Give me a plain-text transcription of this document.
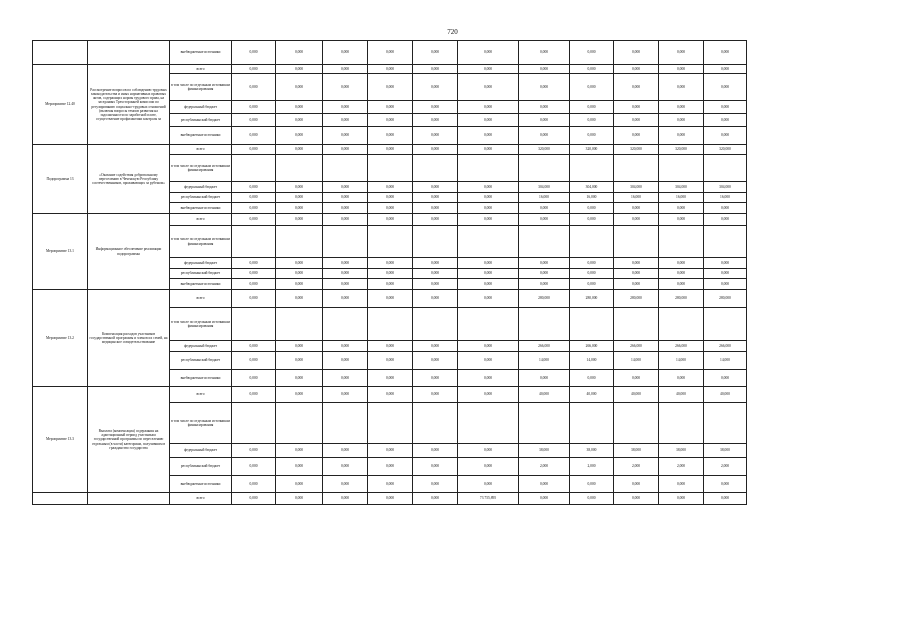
720
		внебюджетные источники	0,000	0,000	0,000	0,000	0,000	0,000	0,000	0,000	0,000	0,000	0,000
Мероприятие 12.40	Рассмотрение вопросов по соблюдению трудовых законодательства и иных нормативных правовых актов, содержащих нормы трудового права, на заседаниях Трехсторонней комиссии по регулированию социально-трудовых отношений (включая вопросы темпов развития на задолженности по заработной плате, осуществление профилактики контроля за	всего	0,000	0,000	0,000	0,000	0,000	0,000	0,000	0,000	0,000	0,000	0,000
		в том числе по отдельным источникам финансирования	0,000	0,000	0,000	0,000	0,000	0,000	0,000	0,000	0,000	0,000	0,000
		федеральный бюджет	0,000	0,000	0,000	0,000	0,000	0,000	0,000	0,000	0,000	0,000	0,000
		республиканский бюджет	0,000	0,000	0,000	0,000	0,000	0,000	0,000	0,000	0,000	0,000	0,000
		внебюджетные источники	0,000	0,000	0,000	0,000	0,000	0,000	0,000	0,000	0,000	0,000	0,000
Подпрограмма 13	«Оказание содействия добровольному переселению в Чеченскую Республику соотечественников, проживающих за рубежом»	всего	0,000	0,000	0,000	0,000	0,000	0,000	320,000	320,000	320,000	320,000	320,000
		в том числе по отдельным источникам финансирования											
		федеральный бюджет	0,000	0,000	0,000	0,000	0,000	0,000	304,000	304,000	304,000	304,000	304,000
		республиканский бюджет	0,000	0,000	0,000	0,000	0,000	0,000	16,000	16,000	16,000	16,000	16,000
		внебюджетные источники	0,000	0,000	0,000	0,000	0,000	0,000	0,000	0,000	0,000	0,000	0,000
Мероприятие 13.1	Информационное обеспечение реализации подпрограммы	всего	0,000	0,000	0,000	0,000	0,000	0,000	0,000	0,000	0,000	0,000	0,000
		в том числе по отдельным источникам финансирования											
		федеральный бюджет	0,000	0,000	0,000	0,000	0,000	0,000	0,000	0,000	0,000	0,000	0,000
		республиканский бюджет	0,000	0,000	0,000	0,000	0,000	0,000	0,000	0,000	0,000	0,000	0,000
		внебюджетные источники	0,000	0,000	0,000	0,000	0,000	0,000	0,000	0,000	0,000	0,000	0,000
Мероприятие 13.2	Компенсация расходов участников государственной программы и членов их семей, на медицинское освидетельствование	всего	0,000	0,000	0,000	0,000	0,000	0,000	280,000	280,000	280,000	280,000	280,000
		в том числе по отдельным источникам финансирования											
		федеральный бюджет	0,000	0,000	0,000	0,000	0,000	0,000	266,000	266,000	266,000	266,000	266,000
		республиканский бюджет	0,000	0,000	0,000	0,000	0,000	0,000	14,000	14,000	14,000	14,000	14,000
		внебюджетные источники	0,000	0,000	0,000	0,000	0,000	0,000	0,000	0,000	0,000	0,000	0,000
Мероприятие 13.3	Выплата (компенсация) содержания на адаптационный период участникам государственной программы по переселению отдельным (в части) категориям, получившим в гражданство государства	всего	0,000	0,000	0,000	0,000	0,000	0,000	40,000	40,000	40,000	40,000	40,000
		в том числе по отдельным источникам финансирования											
		федеральный бюджет	0,000	0,000	0,000	0,000	0,000	0,000	38,000	38,000	38,000	38,000	38,000
		республиканский бюджет	0,000	0,000	0,000	0,000	0,000	0,000	2,000	2,000	2,000	2,000	2,000
		внебюджетные источники	0,000	0,000	0,000	0,000	0,000	0,000	0,000	0,000	0,000	0,000	0,000
		всего	0,000	0,000	0,000	0,000	0,000	73 755,895	0,000	0,000	0,000	0,000	0,000
